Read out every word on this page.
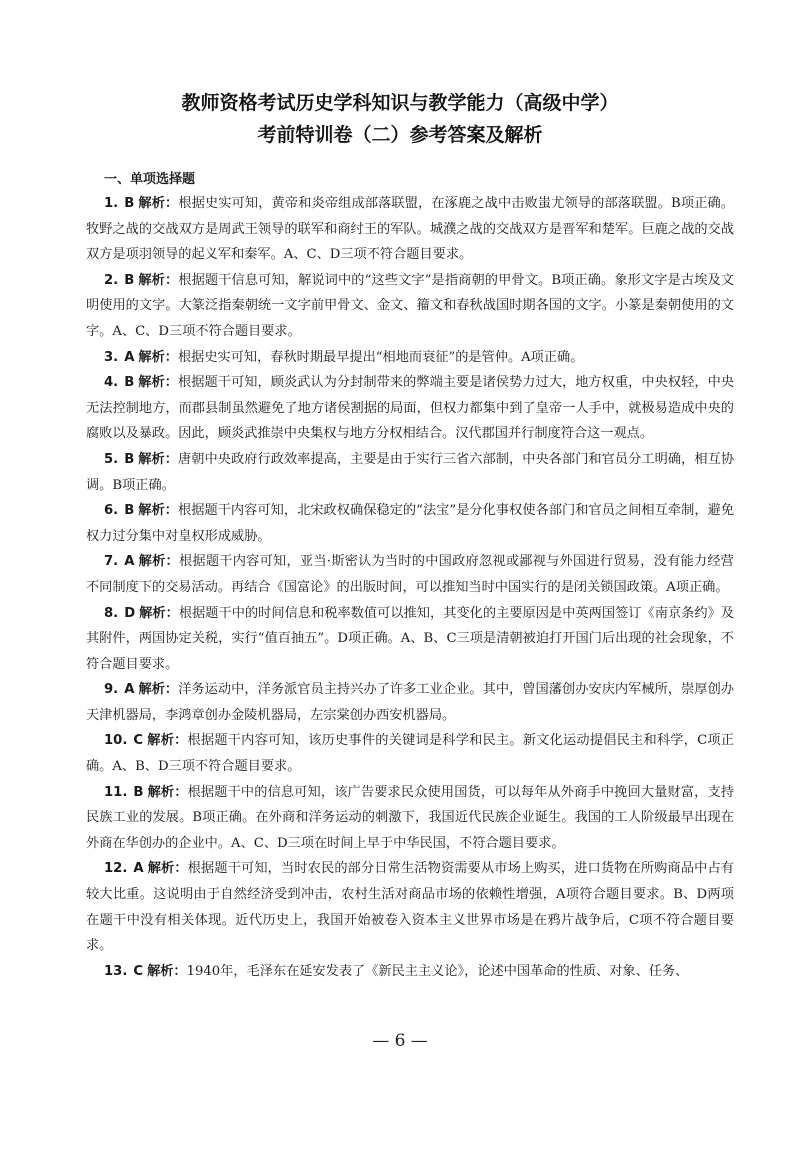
教师资格考试历史学科知识与教学能力（高级中学）
考前特训卷（二）参考答案及解析
一、单项选择题

1. B 解析：根据史实可知，黄帝和炎帝组成部落联盟，在涿鹿之战中击败蚩尤领导的部落联盟。B项正确。牧野之战的交战双方是周武王领导的联军和商纣王的军队。城濮之战的交战双方是晋军和楚军。巨鹿之战的交战双方是项羽领导的起义军和秦军。A、C、D三项不符合题目要求。

2. B 解析：根据题干信息可知，解说词中的“这些文字”是指商朝的甲骨文。B项正确。象形文字是古埃及文明使用的文字。大篆泛指秦朝统一文字前甲骨文、金文、籀文和春秋战国时期各国的文字。小篆是秦朝使用的文字。A、C、D三项不符合题目要求。

3. A 解析：根据史实可知，春秋时期最早提出“相地而衰征”的是管仲。A项正确。

4. B 解析：根据题干可知，顾炎武认为分封制带来的弊端主要是诸侯势力过大，地方权重，中央权轻，中央无法控制地方，而郡县制虽然避免了地方诸侯割据的局面，但权力都集中到了皇帝一人手中，就极易造成中央的腐败以及暴政。因此，顾炎武推崇中央集权与地方分权相结合。汉代郡国并行制度符合这一观点。

5. B 解析：唐朝中央政府行政效率提高，主要是由于实行三省六部制，中央各部门和官员分工明确，相互协调。B项正确。

6. B 解析：根据题干内容可知，北宋政权确保稳定的“法宝”是分化事权使各部门和官员之间相互牵制，避免权力过分集中对皇权形成威胁。

7. A 解析：根据题干内容可知，亚当·斯密认为当时的中国政府忽视或鄙视与外国进行贸易，没有能力经营不同制度下的交易活动。再结合《国富论》的出版时间，可以推知当时中国实行的是闭关锁国政策。A项正确。

8. D 解析：根据题干中的时间信息和税率数值可以推知，其变化的主要原因是中英两国签订《南京条约》及其附件，两国协定关税，实行“值百抽五”。D项正确。A、B、C三项是清朝被迫打开国门后出现的社会现象，不符合题目要求。

9. A 解析：洋务运动中，洋务派官员主持兴办了许多工业企业。其中，曾国藩创办安庆内军械所，崇厚创办天津机器局，李鸿章创办金陵机器局，左宗棠创办西安机器局。

10. C 解析：根据题干内容可知，该历史事件的关键词是科学和民主。新文化运动提倡民主和科学，C项正确。A、B、D三项不符合题目要求。

11. B 解析：根据题干中的信息可知，该广告要求民众使用国货，可以每年从外商手中挽回大量财富，支持民族工业的发展。B项正确。在外商和洋务运动的刺激下，我国近代民族企业诞生。我国的工人阶级最早出现在外商在华创办的企业中。A、C、D三项在时间上早于中华民国，不符合题目要求。

12. A 解析：根据题干可知，当时农民的部分日常生活物资需要从市场上购买，进口货物在所购商品中占有较大比重。这说明由于自然经济受到冲击，农村生活对商品市场的依赖性增强，A项符合题目要求。B、D两项在题干中没有相关体现。近代历史上，我国开始被卷入资本主义世界市场是在鸦片战争后，C项不符合题目要求。

13. C 解析：1940年，毛泽东在延安发表了《新民主主义论》，论述中国革命的性质、对象、任务、

— 6 —
